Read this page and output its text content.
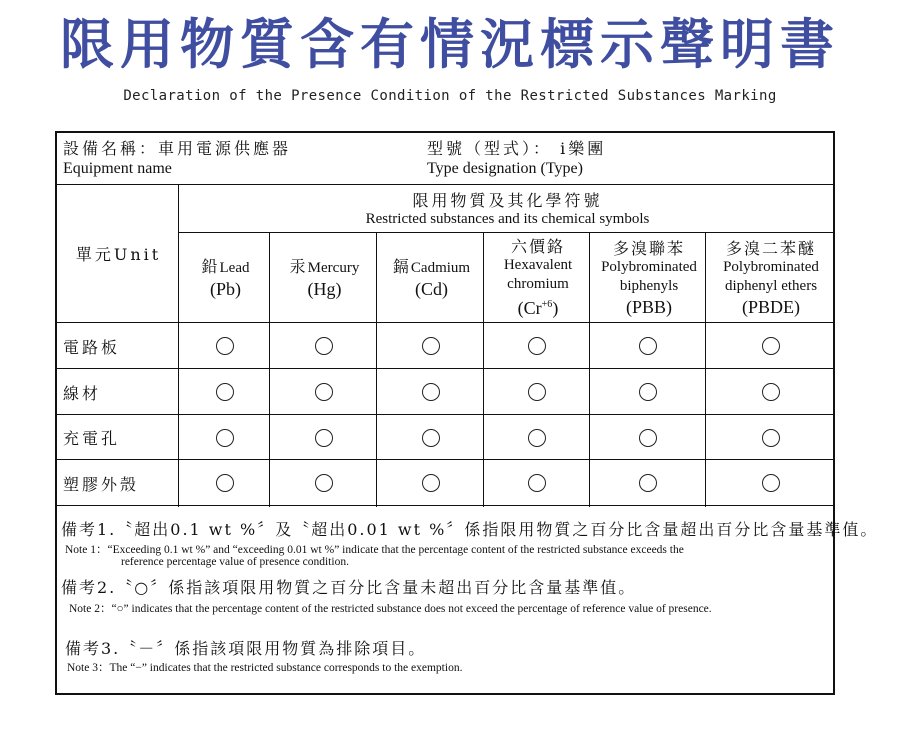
限用物質含有情況標示聲明書
Declaration of the Presence Condition of the Restricted Substances Marking
設備名稱：車用電源供應器
Equipment name
型號（型式）： i樂團
Type designation (Type)
單元Unit
限用物質及其化學符號
Restricted substances and its chemical symbols
鉛Lead
(Pb)
汞Mercury
(Hg)
鎘Cadmium
(Cd)
六價鉻
Hexavalent
chromium
$(Cr^{+6})$
多溴聯苯
Polybrominated
biphenyls
(PBB)
多溴二苯醚
Polybrominated
diphenyl ethers
(PBDE)
電路板
線材
充電孔
塑膠外殼
備考1.〝超出0.1 wt %〞及〝超出0.01 wt %〞係指限用物質之百分比含量超出百分比含量基準值。
Note 1：“Exceeding 0.1 wt %” and “exceeding 0.01 wt %” indicate that the percentage content of the restricted substance exceeds the
reference percentage value of presence condition.
備考2.〝○〞係指該項限用物質之百分比含量未超出百分比含量基準值。
Note 2：“○” indicates that the percentage content of the restricted substance does not exceed the percentage of reference value of presence.
備考3.〝－〞係指該項限用物質為排除項目。
Note 3：The “−” indicates that the restricted substance corresponds to the exemption.
